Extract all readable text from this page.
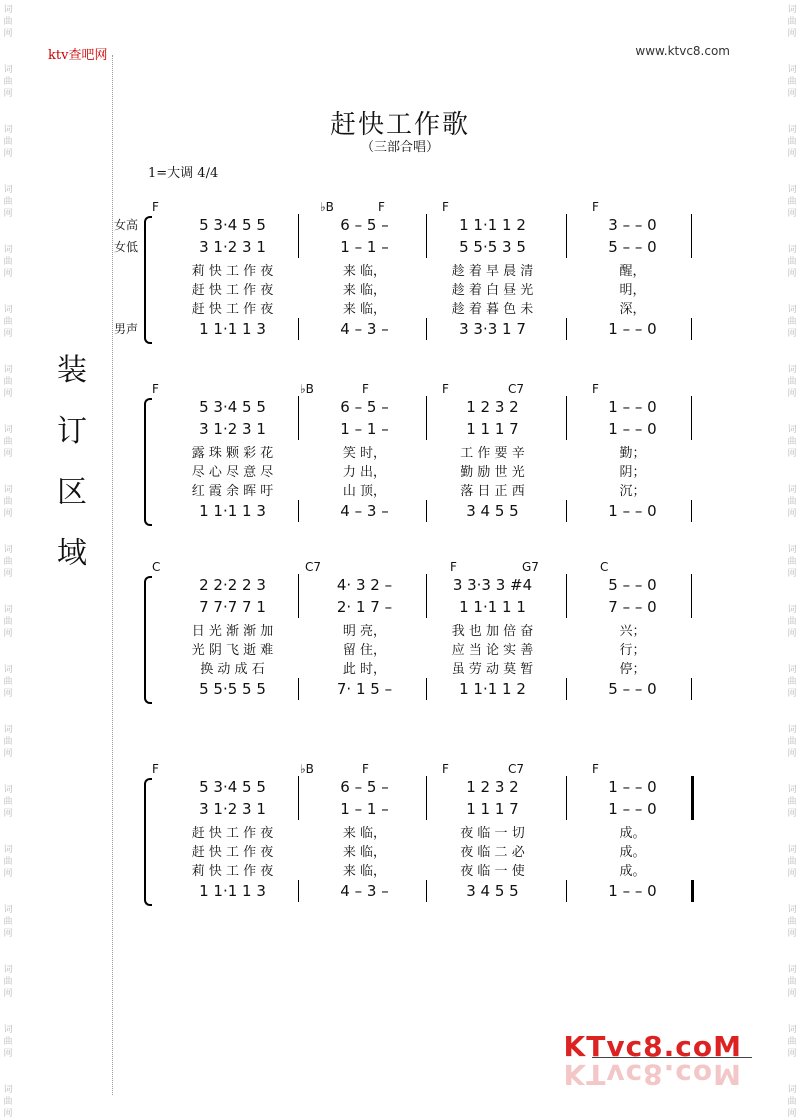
词
曲
网
词
曲
网
词
曲
网
词
曲
网
词
曲
网
词
曲
网
词
曲
网
词
曲
网
词
曲
网
词
曲
网
词
曲
网
词
曲
网
词
曲
网
词
曲
网
词
曲
网
词
曲
网
词
曲
网
词
曲
网
词
曲
网
词
曲
网
词
曲
网
词
曲
网
词
曲
网
词
曲
网
词
曲
网
词
曲
网
词
曲
网
词
曲
网
词
曲
网
词
曲
网
词
曲
网
词
曲
网
词
曲
网
词
曲
网
词
曲
网
词
曲
网
词
曲
网
词
曲
网
ktv查吧网	www.ktvc8.com
赶快工作歌
（三部合唱）
1=大调 4/4
装
订
区
域
F	♭B	F	F	F
5 3·4 5 5	6 – 5 –	1 1·1 1 2	3 – – 0
3 1·2 3 1	1 – 1 –	5 5·5 3 5	5 – – 0
莉 快 工 作 夜	来 临，	趁 着 早 晨 清	醒，
赶 快 工 作 夜	来 临，	趁 着 白 昼 光	明，
赶 快 工 作 夜	来 临，	趁 着 暮 色 未	深，
1 1·1 1 3	4 – 3 –	3 3·3 1 7	1 – – 0
女高
女低
男声
F	♭B	F	F	C7	F
5 3·4 5 5	6 – 5 –	1 2 3 2	1 – – 0
3 1·2 3 1	1 – 1 –	1 1 1 7	1 – – 0
露 珠 颗 彩 花	笑 时，	工 作 要 辛	勤；
尽 心 尽 意 尽	力 出，	勤 励 世 光	阴；
红 霞 余 晖 吁	山 顶，	落 日 正 西	沉；
1 1·1 1 3	4 – 3 –	3 4 5 5	1 – – 0
C	C7	F	G7	C
2 2·2 2 3	4· 3 2 –	3 3·3 3 #4	5 – – 0
7 7·7 7 1	2· 1 7 –	1 1·1 1 1	7 – – 0
日 光 渐 渐 加	明 亮，	我 也 加 倍 奋	兴；
光 阴 飞 逝 难	留 住，	应 当 论 实 善	行；
换 动 成 石	此 时，	虽 劳 动 莫 暂	停；
5 5·5 5 5	7· 1 5 –	1 1·1 1 2	5 – – 0
F	♭B	F	F	C7	F
5 3·4 5 5	6 – 5 –	1 2 3 2	1 – – 0
3 1·2 3 1	1 – 1 –	1 1 1 7	1 – – 0
赶 快 工 作 夜	来 临，	夜 临 一 切	成。
赶 快 工 作 夜	来 临，	夜 临 二 必	成。
莉 快 工 作 夜	来 临，	夜 临 一 使	成。
1 1·1 1 3	4 – 3 –	3 4 5 5	1 – – 0
KTvc8.coM
KTvc8.coM
